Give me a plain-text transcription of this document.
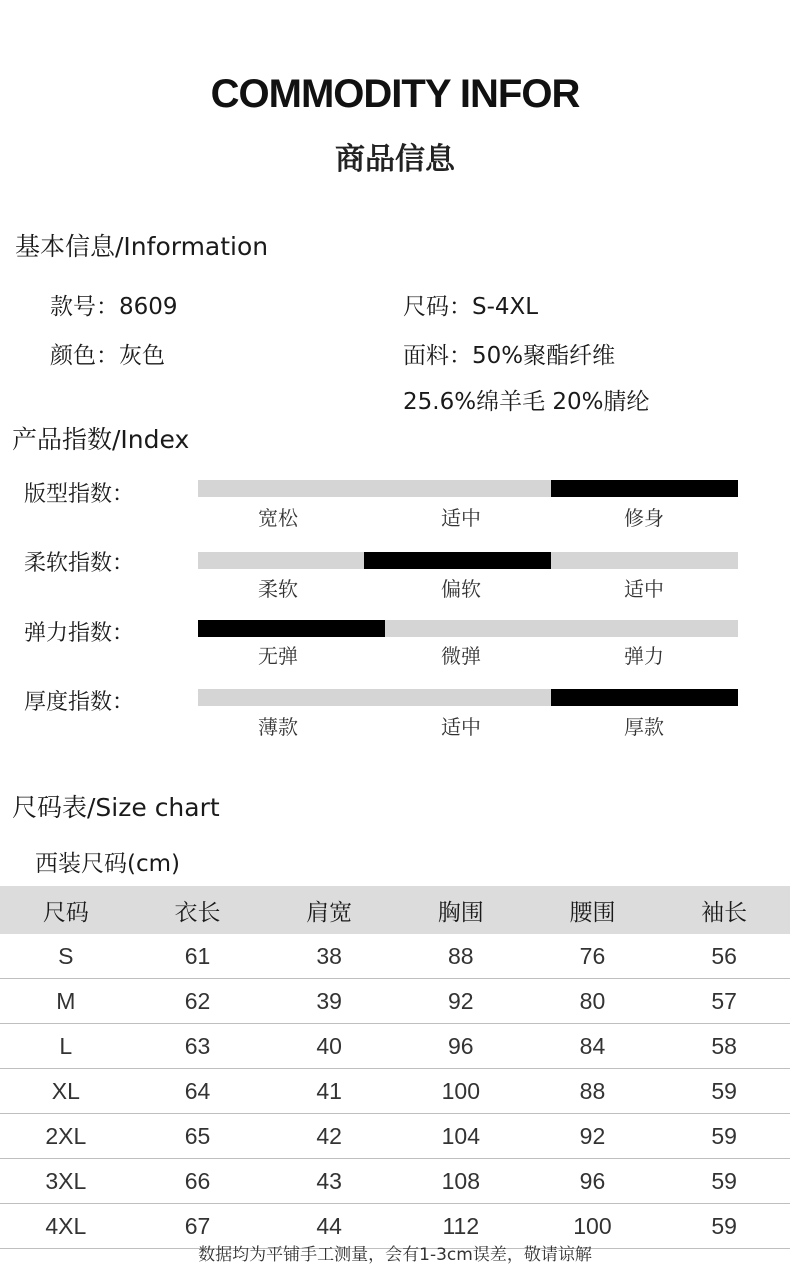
COMMODITY INFOR
商品信息
基本信息/Information
款号：8609	尺码：S-4XL
颜色：灰色	面料：50%聚酯纤维
25.6%绵羊毛 20%腈纶
产品指数/Index
版型指数：
宽松	适中	修身
柔软指数：
柔软	偏软	适中
弹力指数：
无弹	微弹	弹力
厚度指数：
薄款	适中	厚款
尺码表/Size chart
西装尺码(cm)
尺码	衣长	肩宽	胸围	腰围	袖长
S	61	38	88	76	56
M	62	39	92	80	57
L	63	40	96	84	58
XL	64	41	100	88	59
2XL	65	42	104	92	59
3XL	66	43	108	96	59
4XL	67	44	112	100	59
数据均为平铺手工测量，会有1-3cm误差，敬请谅解
